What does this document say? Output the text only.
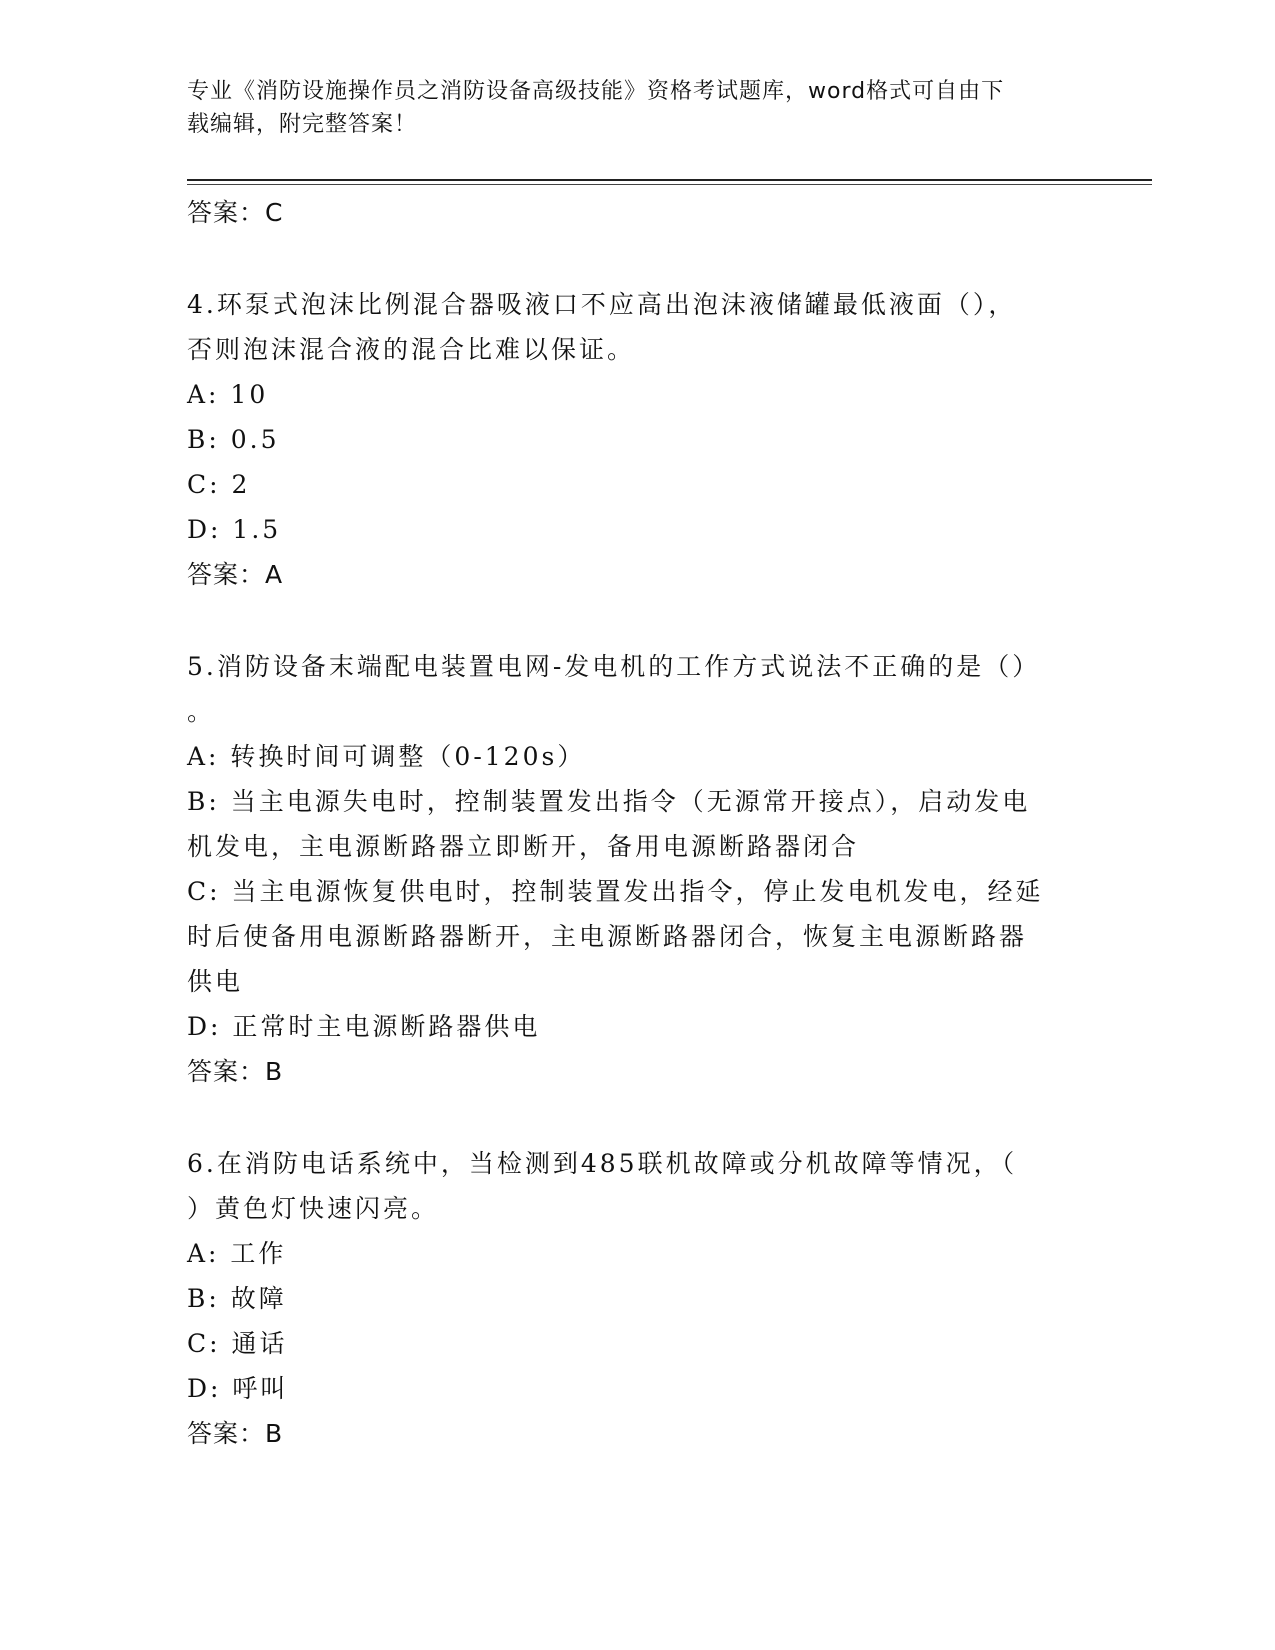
专业《消防设施操作员之消防设备高级技能》资格考试题库，word格式可自由下
载编辑，附完整答案！
答案：C
4.环泵式泡沫比例混合器吸液口不应高出泡沫液储罐最低液面（），
否则泡沫混合液的混合比难以保证。
A: 10
B: 0.5
C: 2
D: 1.5
答案：A
5.消防设备末端配电装置电网-发电机的工作方式说法不正确的是（）
。
A: 转换时间可调整（0-120s）
B: 当主电源失电时，控制装置发出指令（无源常开接点），启动发电
机发电，主电源断路器立即断开，备用电源断路器闭合
C: 当主电源恢复供电时，控制装置发出指令，停止发电机发电，经延
时后使备用电源断路器断开，主电源断路器闭合，恢复主电源断路器
供电
D: 正常时主电源断路器供电
答案：B
6.在消防电话系统中，当检测到485联机故障或分机故障等情况，（
）黄色灯快速闪亮。
A: 工作
B: 故障
C: 通话
D: 呼叫
答案：B
